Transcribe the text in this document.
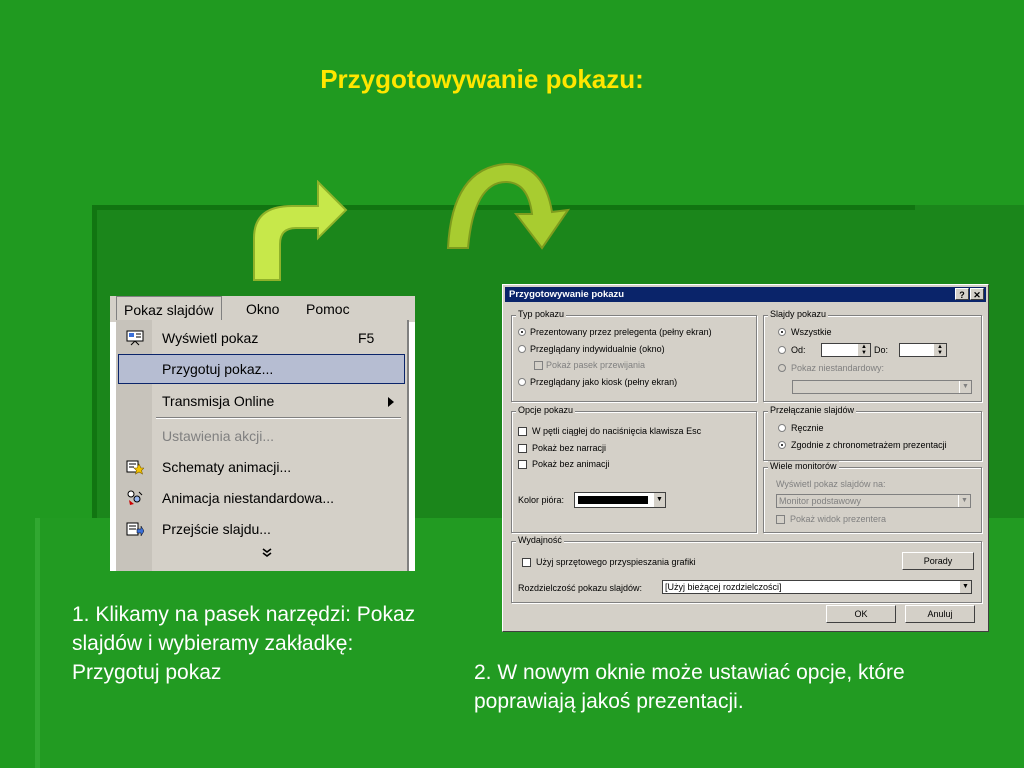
Przygotowywanie pokazu:
Pokaz slajdów	Okno Pomoc
Wyświetl pokaz	F5
Przygotuj pokaz...
Transmisja Online
Ustawienia akcji...
Schematy animacji...
Animacja niestandardowa...
Przejście slajdu...
Przygotowywanie pokazu	? ✕
Typ pokazu
Prezentowany przez prelegenta (pełny ekran)
Przeglądany indywidualnie (okno)
Pokaż pasek przewijania
Przeglądany jako kiosk (pełny ekran)
Slajdy pokazu
Wszystkie
Od:	▲
▼ Do:	▲
▼
Pokaz niestandardowy:
▼
Opcje pokazu
W pętli ciągłej do naciśnięcia klawisza Esc
Pokaż bez narracji
Pokaż bez animacji
Kolor pióra:	▼
Przełączanie slajdów
Ręcznie
Zgodnie z chronometrażem prezentacji
Wiele monitorów
Wyświetl pokaz slajdów na:
Monitor podstawowy	▼
Pokaż widok prezentera
Wydajność
Użyj sprzętowego przyspieszania grafiki	Porady
Rozdzielczość pokazu slajdów:	[Użyj bieżącej rozdzielczości]	▼
OK	Anuluj
1. Klikamy na pasek narzędzi: Pokaz slajdów i wybieramy zakładkę: Przygotuj pokaz	2. W nowym oknie może ustawiać opcje, które poprawiają jakoś prezentacji.
